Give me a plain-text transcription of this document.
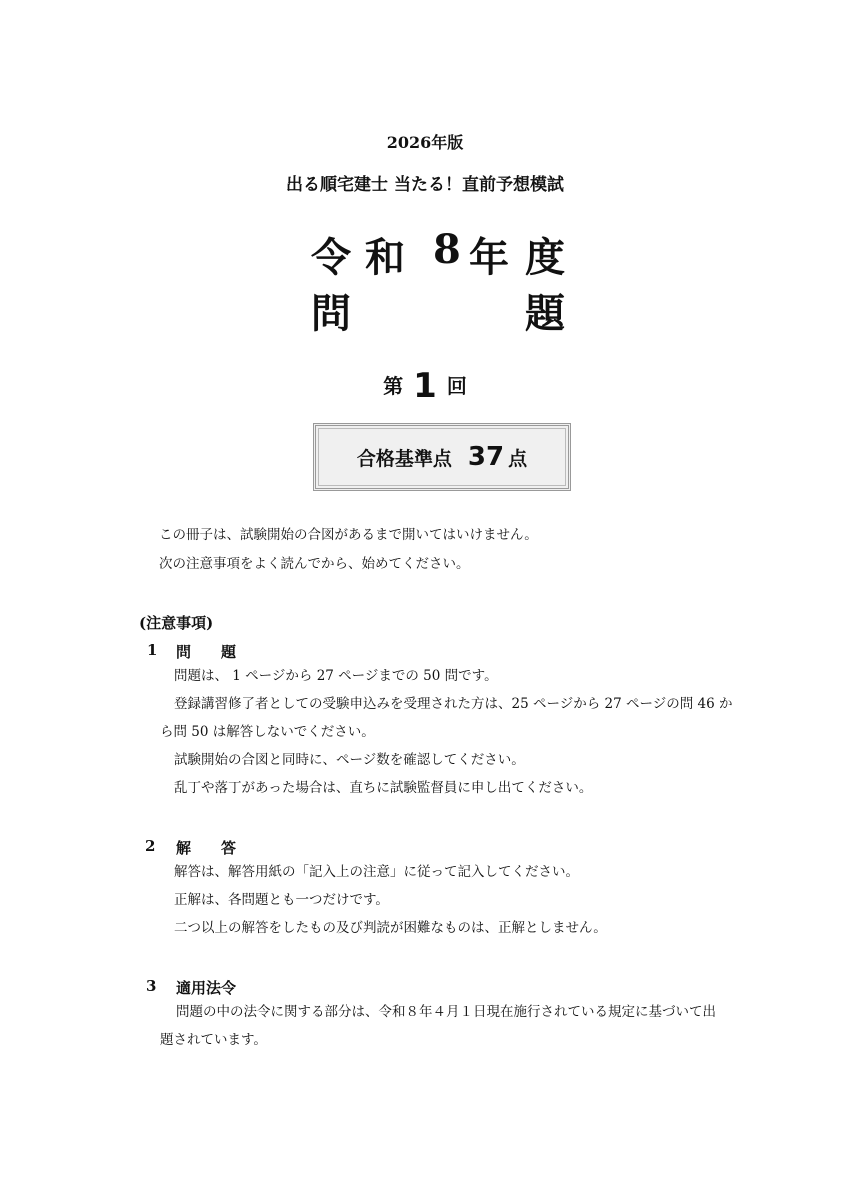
2026年版
出る順宅建士 当たる！直前予想模試
令 和 8 年 度
問	題
第 1 回
合格基準点 37 点
この冊子は、試験開始の合図があるまで開いてはいけません。
次の注意事項をよく読んでから、始めてください。
(注意事項)
1 問　　題
問題は、 1 ページから 27 ページまでの 50 問です。
登録講習修了者としての受験申込みを受理された方は、25 ページから 27 ページの問 46 か
ら問 50 は解答しないでください。
試験開始の合図と同時に、ページ数を確認してください。
乱丁や落丁があった場合は、直ちに試験監督員に申し出てください。
2 解　　答
解答は、解答用紙の「記入上の注意」に従って記入してください。
正解は、各問題とも一つだけです。
二つ以上の解答をしたもの及び判読が困難なものは、正解としません。
3 適用法令
問題の中の法令に関する部分は、令和８年４月１日現在施行されている規定に基づいて出
題されています。
